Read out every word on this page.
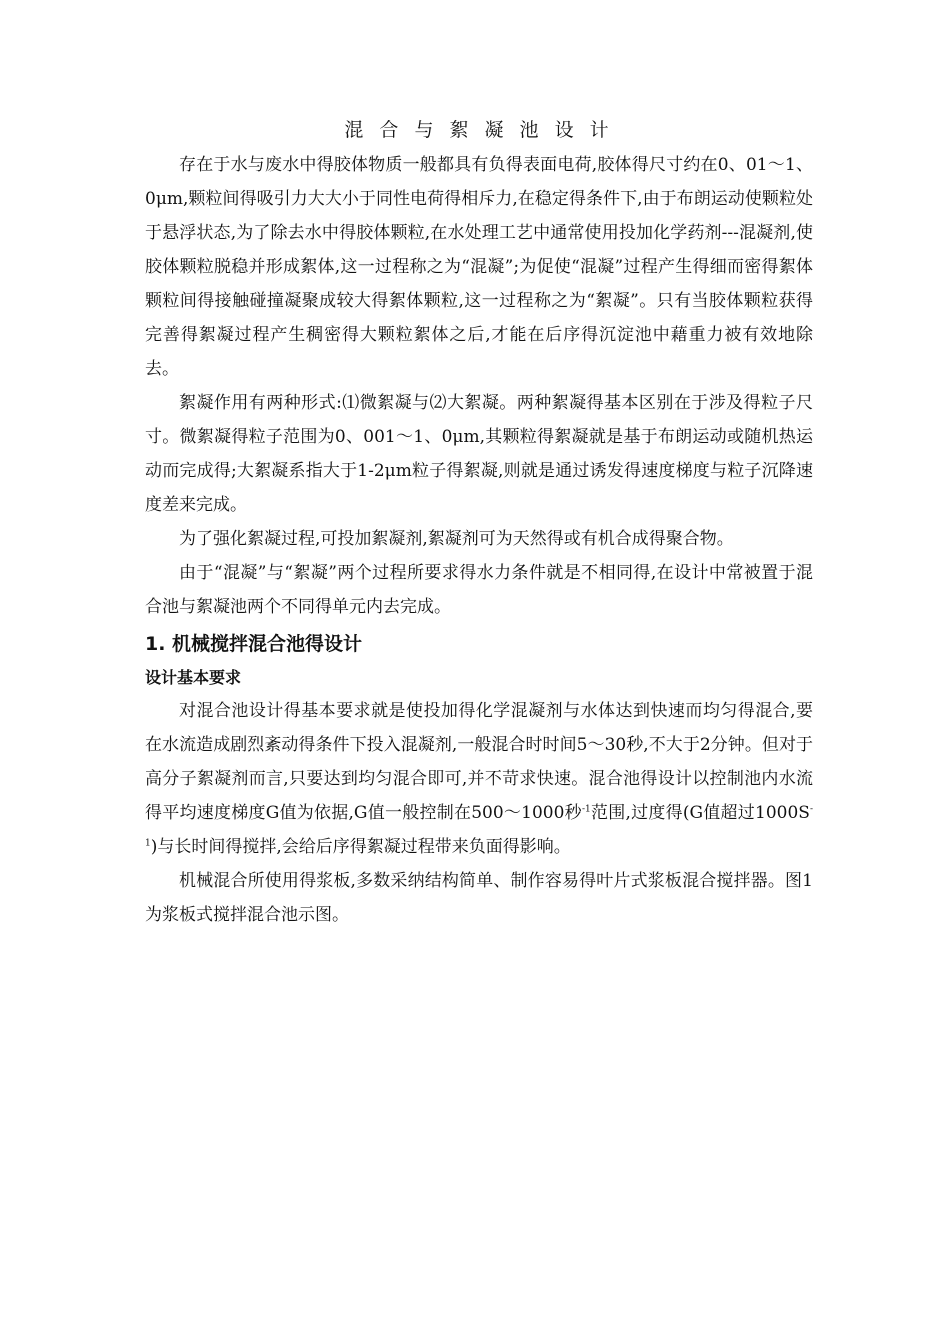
混 合 与 絮 凝 池 设 计

存在于水与废水中得胶体物质一般都具有负得表面电荷,胶体得尺寸约在0、01～1、0μm,颗粒间得吸引力大大小于同性电荷得相斥力,在稳定得条件下,由于布朗运动使颗粒处于悬浮状态,为了除去水中得胶体颗粒,在水处理工艺中通常使用投加化学药剂---混凝剂,使胶体颗粒脱稳并形成絮体,这一过程称之为“混凝”;为促使“混凝”过程产生得细而密得絮体颗粒间得接触碰撞凝聚成较大得絮体颗粒,这一过程称之为“絮凝”。只有当胶体颗粒获得完善得絮凝过程产生稠密得大颗粒絮体之后,才能在后序得沉淀池中藉重力被有效地除去。

絮凝作用有两种形式:⑴微絮凝与⑵大絮凝。两种絮凝得基本区别在于涉及得粒子尺寸。微絮凝得粒子范围为0、001～1、0μm,其颗粒得絮凝就是基于布朗运动或随机热运动而完成得;大絮凝系指大于1-2μm粒子得絮凝,则就是通过诱发得速度梯度与粒子沉降速度差来完成。

为了强化絮凝过程,可投加絮凝剂,絮凝剂可为天然得或有机合成得聚合物。

由于“混凝”与“絮凝”两个过程所要求得水力条件就是不相同得,在设计中常被置于混合池与絮凝池两个不同得单元内去完成。

1. 机械搅拌混合池得设计
设计基本要求

对混合池设计得基本要求就是使投加得化学混凝剂与水体达到快速而均匀得混合,要在水流造成剧烈紊动得条件下投入混凝剂,一般混合时时间5～30秒,不大于2分钟。但对于高分子絮凝剂而言,只要达到均匀混合即可,并不苛求快速。混合池得设计以控制池内水流得平均速度梯度G值为依据,G值一般控制在500～1000秒$^{-1}$范围,过度得(G值超过$1000S^{-1}$)与长时间得搅拌,会给后序得絮凝过程带来负面得影响。

机械混合所使用得浆板,多数采纳结构简单、制作容易得叶片式浆板混合搅拌器。图1为浆板式搅拌混合池示图。
